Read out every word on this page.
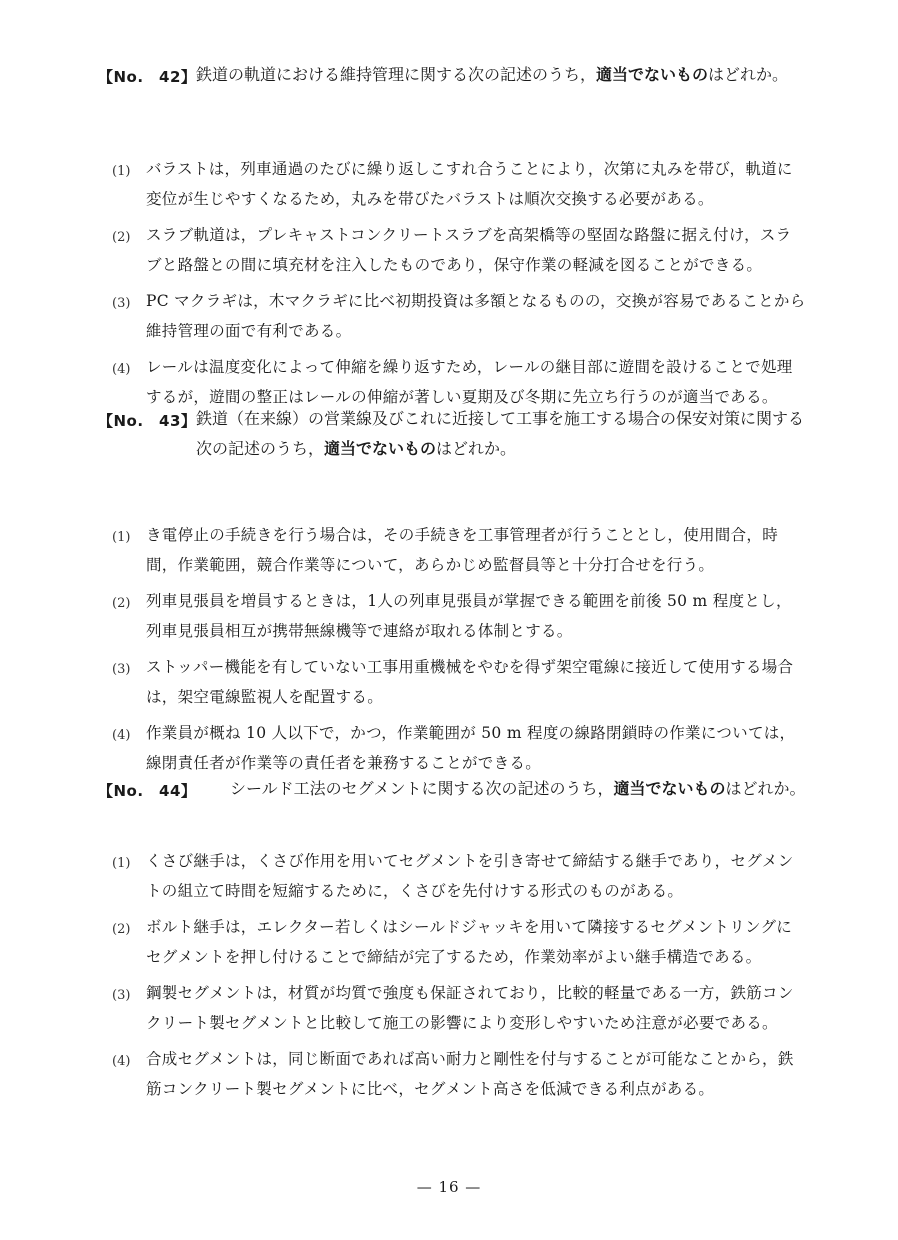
【No.　42】 鉄道の軌道における維持管理に関する次の記述のうち，適当でないものはどれか。
(1) バラストは，列車通過のたびに繰り返しこすれ合うことにより，次第に丸みを帯び，軌道に変位が生じやすくなるため，丸みを帯びたバラストは順次交換する必要がある。
(2) スラブ軌道は，プレキャストコンクリートスラブを高架橋等の堅固な路盤に据え付け，スラブと路盤との間に填充材を注入したものであり，保守作業の軽減を図ることができる。
(3) PC マクラギは，木マクラギに比べ初期投資は多額となるものの，交換が容易であることから維持管理の面で有利である。
(4) レールは温度変化によって伸縮を繰り返すため，レールの継目部に遊間を設けることで処理するが，遊間の整正はレールの伸縮が著しい夏期及び冬期に先立ち行うのが適当である。
【No.　43】 鉄道（在来線）の営業線及びこれに近接して工事を施工する場合の保安対策に関する次の記述のうち，適当でないものはどれか。
(1) き電停止の手続きを行う場合は，その手続きを工事管理者が行うこととし，使用間合，時間，作業範囲，競合作業等について，あらかじめ監督員等と十分打合せを行う。
(2) 列車見張員を増員するときは，1人の列車見張員が掌握できる範囲を前後 50 m 程度とし，列車見張員相互が携帯無線機等で連絡が取れる体制とする。
(3) ストッパー機能を有していない工事用重機械をやむを得ず架空電線に接近して使用する場合は，架空電線監視人を配置する。
(4) 作業員が概ね 10 人以下で，かつ，作業範囲が 50 m 程度の線路閉鎖時の作業については，線閉責任者が作業等の責任者を兼務することができる。
【No.　44】 シールド工法のセグメントに関する次の記述のうち，適当でないものはどれか。
(1) くさび継手は，くさび作用を用いてセグメントを引き寄せて締結する継手であり，セグメントの組立て時間を短縮するために，くさびを先付けする形式のものがある。
(2) ボルト継手は，エレクター若しくはシールドジャッキを用いて隣接するセグメントリングにセグメントを押し付けることで締結が完了するため，作業効率がよい継手構造である。
(3) 鋼製セグメントは，材質が均質で強度も保証されており，比較的軽量である一方，鉄筋コンクリート製セグメントと比較して施工の影響により変形しやすいため注意が必要である。
(4) 合成セグメントは，同じ断面であれば高い耐力と剛性を付与することが可能なことから，鉄筋コンクリート製セグメントに比べ，セグメント高さを低減できる利点がある。
— 16 —
